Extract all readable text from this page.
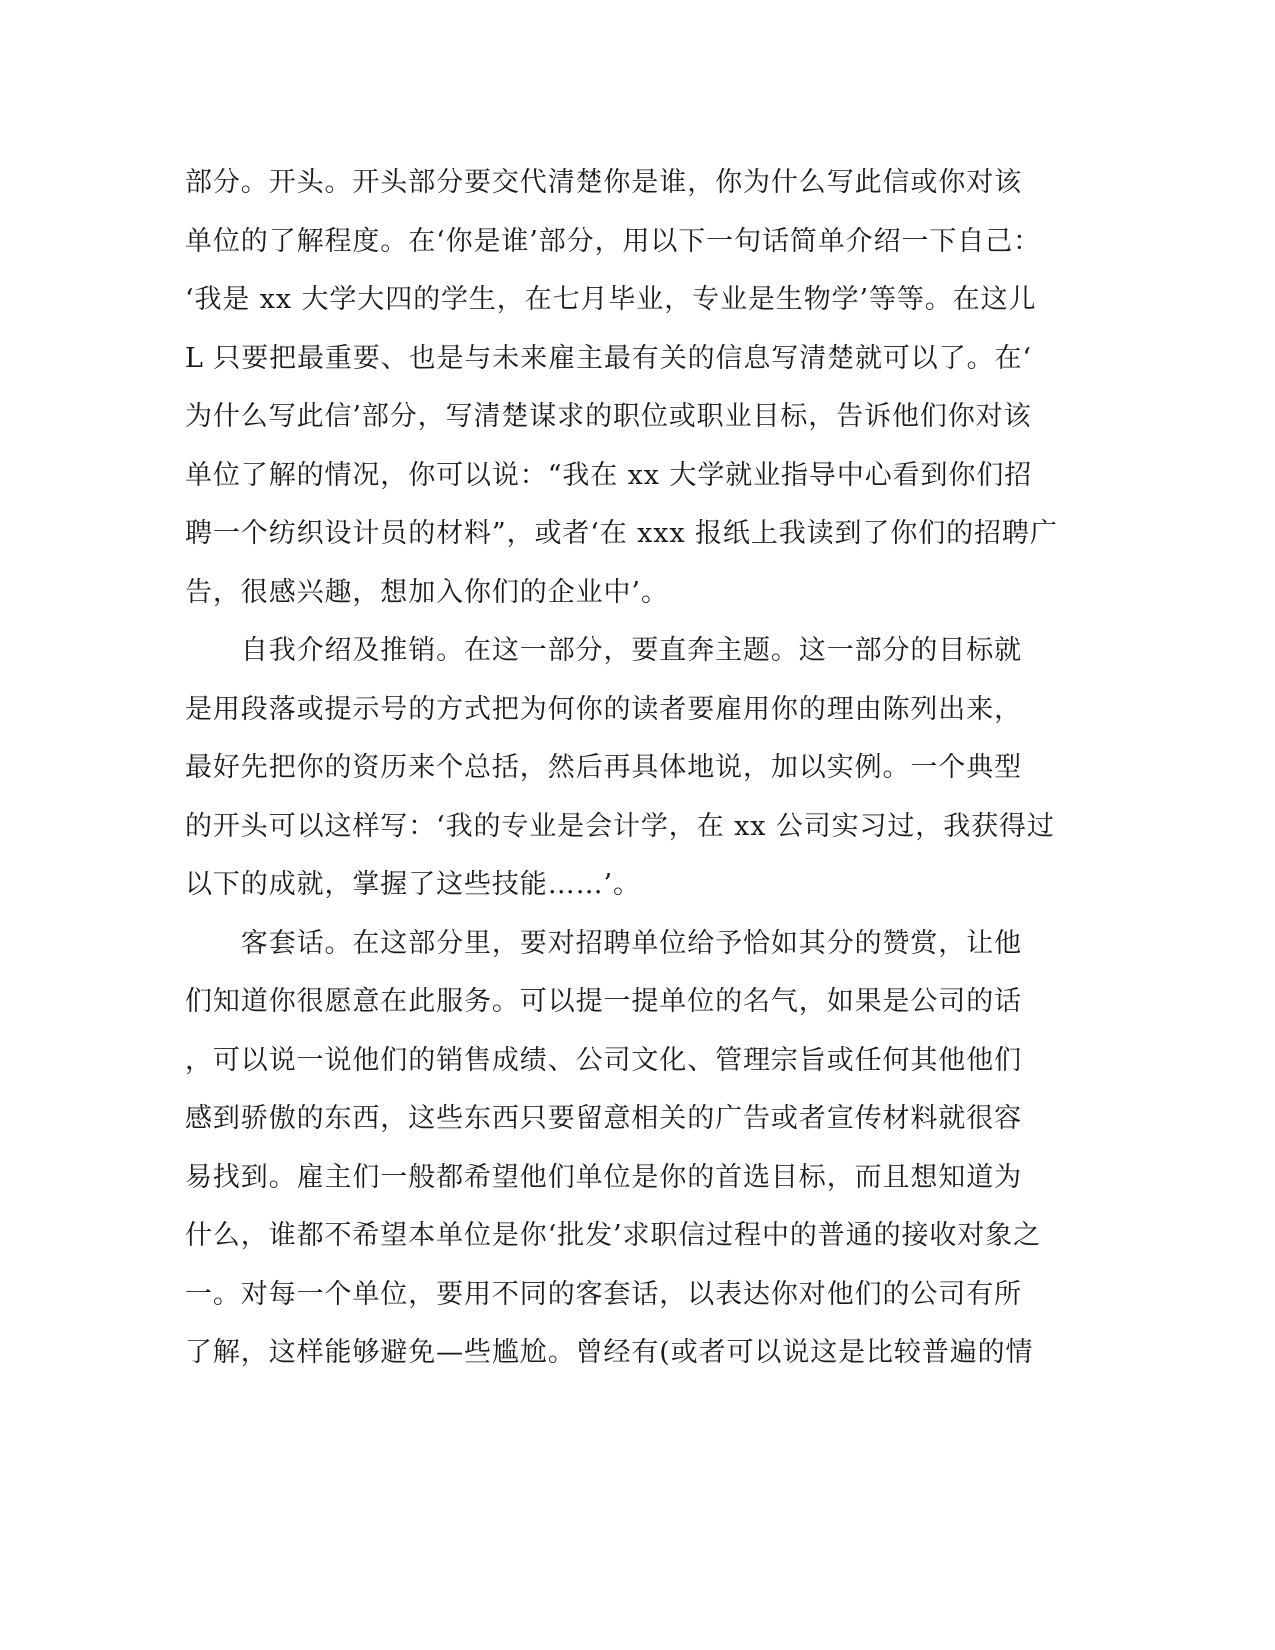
部分。开头。开头部分要交代清楚你是谁，你为什么写此信或你对该
单位的了解程度。在‘你是谁’部分，用以下一句话简单介绍一下自己：
‘我是 xx 大学大四的学生，在七月毕业，专业是生物学’等等。在这儿
L 只要把最重要、也是与未来雇主最有关的信息写清楚就可以了。在‘
为什么写此信’部分，写清楚谋求的职位或职业目标，告诉他们你对该
单位了解的情况，你可以说：“我在 xx 大学就业指导中心看到你们招
聘一个纺织设计员的材料”，或者‘在 xxx 报纸上我读到了你们的招聘广
告，很感兴趣，想加入你们的企业中’。
　　自我介绍及推销。在这一部分，要直奔主题。这一部分的目标就
是用段落或提示号的方式把为何你的读者要雇用你的理由陈列出来，
最好先把你的资历来个总括，然后再具体地说，加以实例。一个典型
的开头可以这样写：‘我的专业是会计学，在 xx 公司实习过，我获得过
以下的成就，掌握了这些技能……’。
　　客套话。在这部分里，要对招聘单位给予恰如其分的赞赏，让他
们知道你很愿意在此服务。可以提一提单位的名气，如果是公司的话
，可以说一说他们的销售成绩、公司文化、管理宗旨或任何其他他们
感到骄傲的东西，这些东西只要留意相关的广告或者宣传材料就很容
易找到。雇主们一般都希望他们单位是你的首选目标，而且想知道为
什么，谁都不希望本单位是你‘批发’求职信过程中的普通的接收对象之
一。对每一个单位，要用不同的客套话，以表达你对他们的公司有所
了解，这样能够避免—些尴尬。曾经有(或者可以说这是比较普遍的情
